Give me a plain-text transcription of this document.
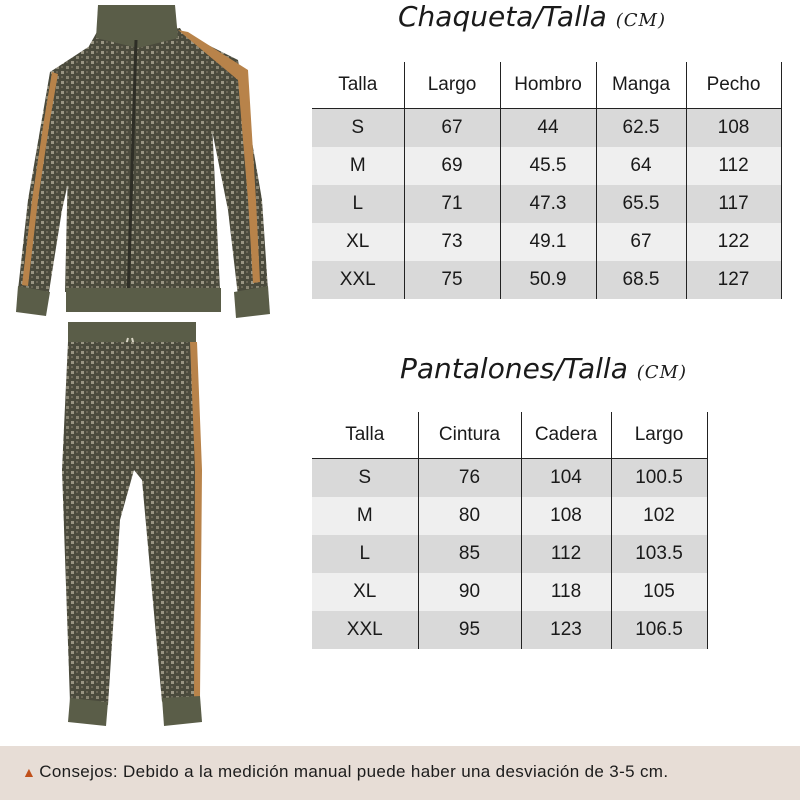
Chaqueta/Talla (CM)
Talla	Largo	Hombro	Manga	Pecho
S	67	44	62.5	108
M	69	45.5	64	112
L	71	47.3	65.5	117
XL	73	49.1	67	122
XXL	75	50.9	68.5	127
Pantalones/Talla (CM)
Talla	Cintura	Cadera	Largo
S	76	104	100.5
M	80	108	102
L	85	112	103.5
XL	90	118	105
XXL	95	123	106.5
▲ Consejos: Debido a la medición manual puede haber una desviación de 3-5 cm.
